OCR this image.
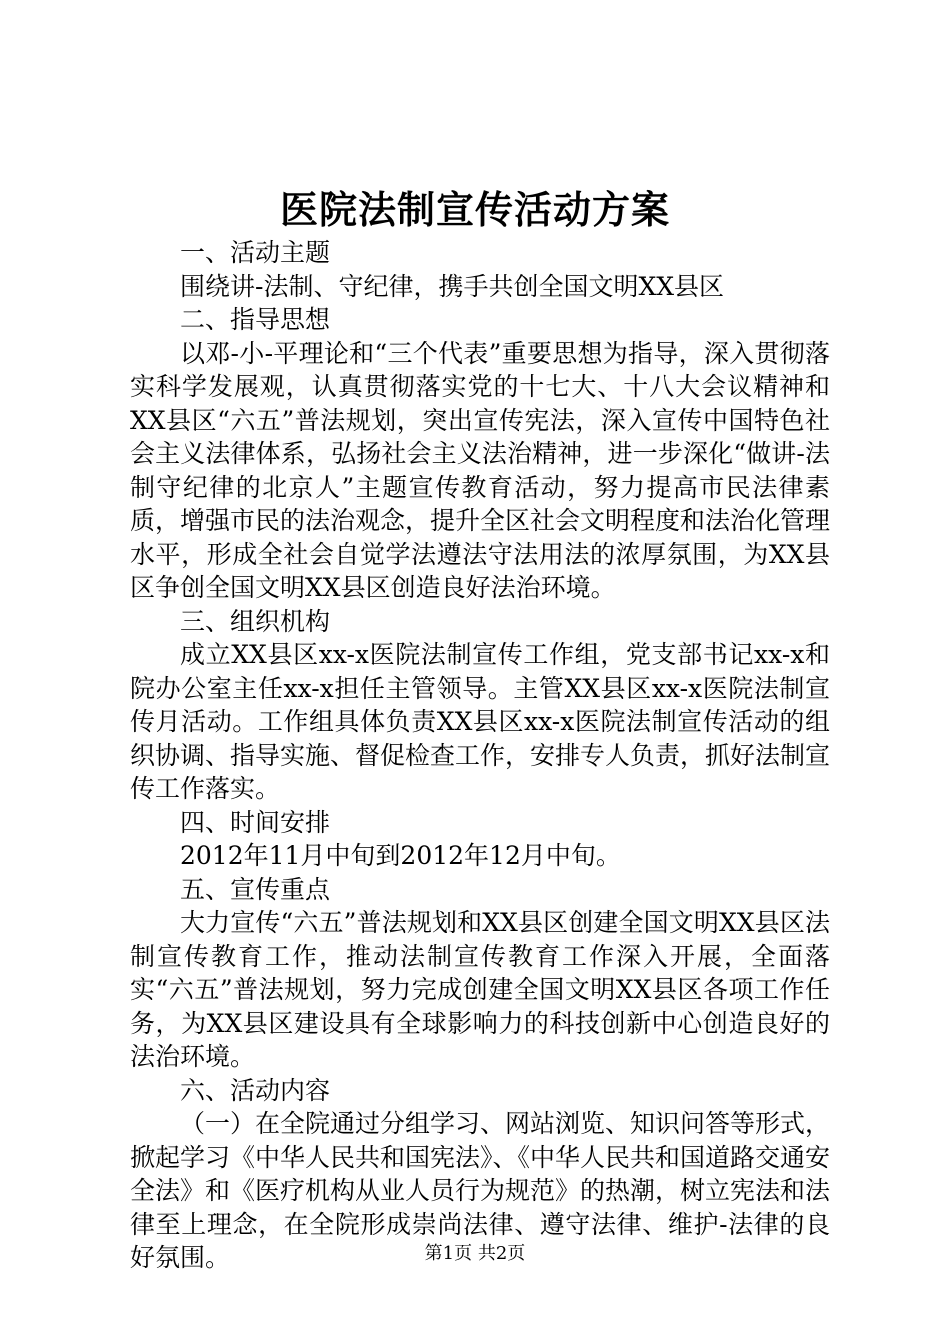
医院法制宣传活动方案

一、活动主题

围绕讲-法制、守纪律，携手共创全国文明XX县区

二、指导思想

以邓-小-平理论和“三个代表”重要思想为指导，深入贯彻落实科学发展观，认真贯彻落实党的十七大、十八大会议精神和XX县区“六五”普法规划，突出宣传宪法，深入宣传中国特色社会主义法律体系，弘扬社会主义法治精神，进一步深化“做讲-法制守纪律的北京人”主题宣传教育活动，努力提高市民法律素质，增强市民的法治观念，提升全区社会文明程度和法治化管理水平，形成全社会自觉学法遵法守法用法的浓厚氛围，为XX县区争创全国文明XX县区创造良好法治环境。

三、组织机构

成立XX县区xx-x医院法制宣传工作组，党支部书记xx-x和院办公室主任xx-x担任主管领导。主管XX县区xx-x医院法制宣传月活动。工作组具体负责XX县区xx-x医院法制宣传活动的组织协调、指导实施、督促检查工作，安排专人负责，抓好法制宣传工作落实。

四、时间安排

2012年11月中旬到2012年12月中旬。

五、宣传重点

大力宣传“六五”普法规划和XX县区创建全国文明XX县区法制宣传教育工作，推动法制宣传教育工作深入开展，全面落实“六五”普法规划，努力完成创建全国文明XX县区各项工作任务，为XX县区建设具有全球影响力的科技创新中心创造良好的法治环境。

六、活动内容

（一）在全院通过分组学习、网站浏览、知识问答等形式，掀起学习《中华人民共和国宪法》、《中华人民共和国道路交通安全法》和《医疗机构从业人员行为规范》的热潮，树立宪法和法律至上理念，在全院形成崇尚法律、遵守法律、维护-法律的良好氛围。	第1页 共2页
